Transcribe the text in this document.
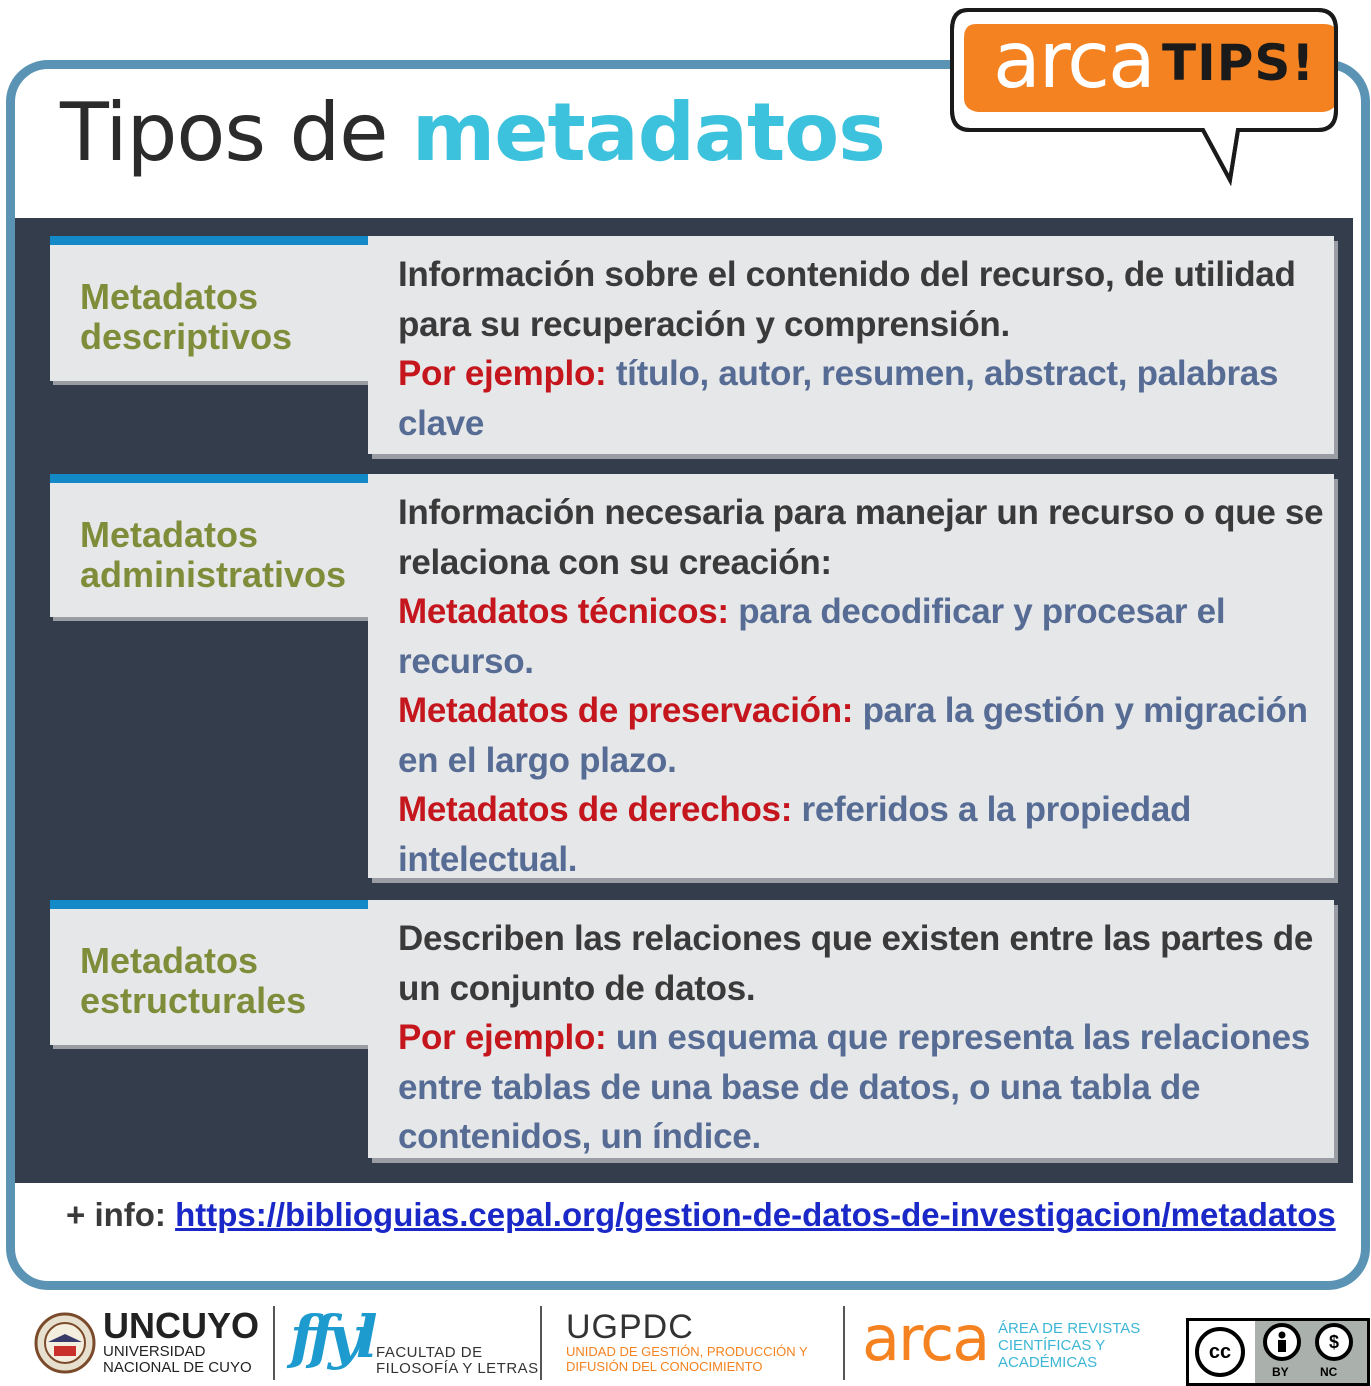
Tipos de metadatos
arca TIPS!

Metadatos descriptivos

Información sobre el contenido del recurso, de utilidad para su recuperación y comprensión.
Por ejemplo: título, autor, resumen, abstract, palabras clave

Metadatos administrativos

Información necesaria para manejar un recurso o que se relaciona con su creación:
Metadatos técnicos: para decodificar y procesar el recurso.
Metadatos de preservación: para la gestión y migración en el largo plazo.
Metadatos de derechos: referidos a la propiedad intelectual.

Metadatos estructurales

Describen las relaciones que existen entre las partes de un conjunto de datos.
Por ejemplo: un esquema que representa las relaciones entre tablas de una base de datos, o una tabla de contenidos, un índice.

+ info: https://biblioguias.cepal.org/gestion-de-datos-de-investigacion/metadatos
UNCUYO
UNIVERSIDAD NACIONAL DE CUYO ffyl FACULTAD DE FILOSOFÍA Y LETRAS
UGPDC
UNIDAD DE GESTIÓN, PRODUCCIÓN Y DIFUSIÓN DEL CONOCIMIENTO	arca ÁREA DE REVISTAS CIENTÍFICAS Y ACADÉMICAS	cc	$
BY	NC
